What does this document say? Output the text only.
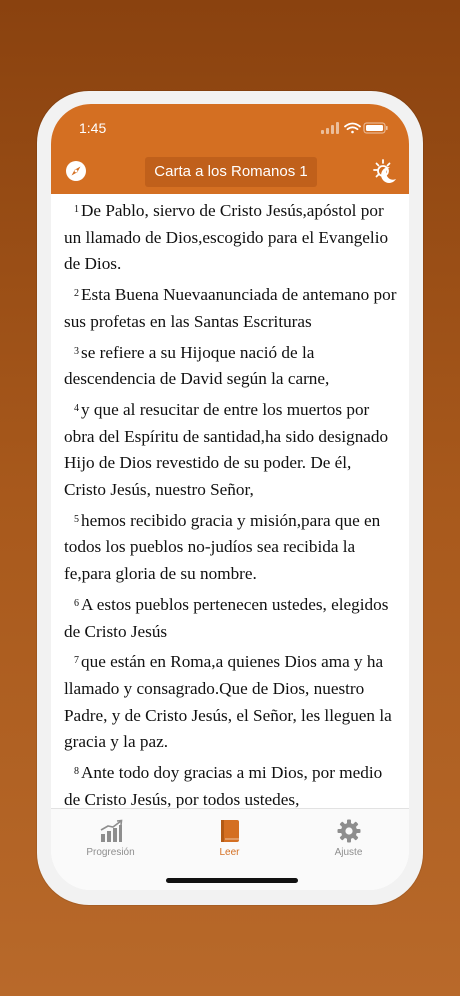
1:45
Carta a los Romanos 1

$^1$ De Pablo, siervo de Cristo Jesús,apóstol por un llamado de Dios,escogido para el Evangelio de Dios.

$^2$ Esta Buena Nuevaanunciada de antemano por sus profetas en las Santas Escrituras

$^3$ se refiere a su Hijoque nació de la descendencia de David según la carne,

$^4$ y que al resucitar de entre los muertos por obra del Espíritu de santidad,ha sido designado Hijo de Dios revestido de su poder. De él, Cristo Jesús, nuestro Señor,

$^5$ hemos recibido gracia y misión,para que en todos los pueblos no-judíos sea recibida la fe,para gloria de su nombre.

$^6$ A estos pueblos pertenecen ustedes, elegidos de Cristo Jesús

$^7$ que están en Roma,a quienes Dios ama y ha llamado y consagrado.Que de Dios, nuestro Padre, y de Cristo Jesús, el Señor, les lleguen la gracia y la paz.

$^8$ Ante todo doy gracias a mi Dios, por medio de Cristo Jesús, por todos ustedes,

Progresión	Leer	Ajuste
